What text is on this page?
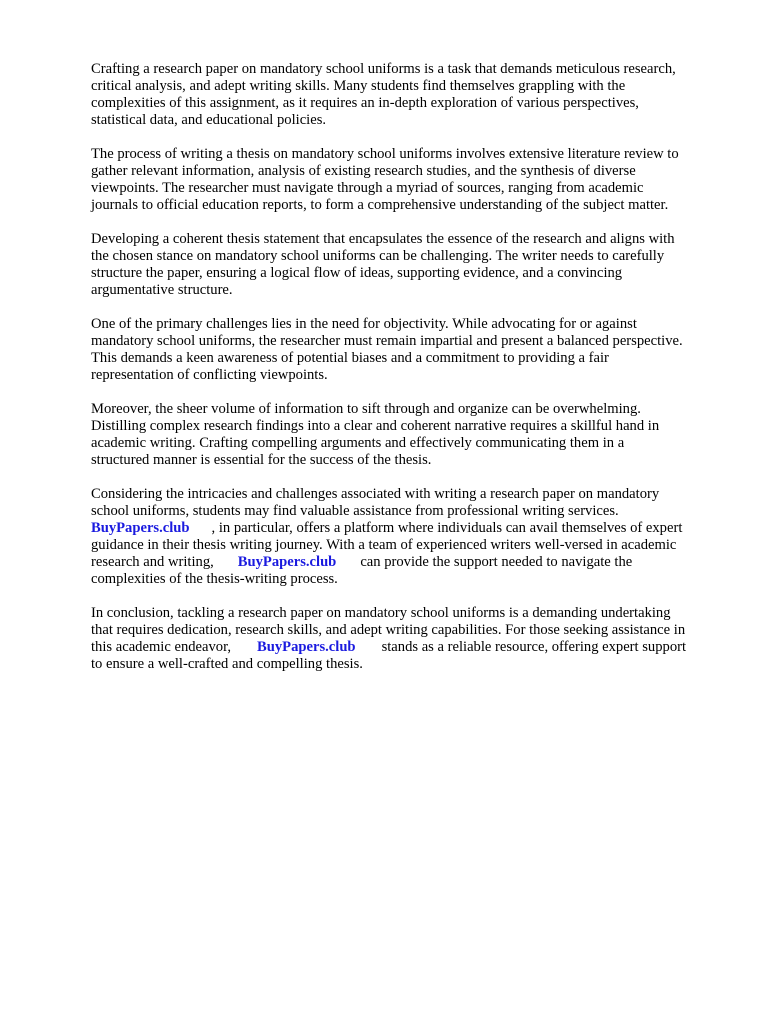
Crafting a research paper on mandatory school uniforms is a task that demands meticulous research,
critical analysis, and adept writing skills. Many students find themselves grappling with the
complexities of this assignment, as it requires an in-depth exploration of various perspectives,
statistical data, and educational policies.

The process of writing a thesis on mandatory school uniforms involves extensive literature review to
gather relevant information, analysis of existing research studies, and the synthesis of diverse
viewpoints. The researcher must navigate through a myriad of sources, ranging from academic
journals to official education reports, to form a comprehensive understanding of the subject matter.

Developing a coherent thesis statement that encapsulates the essence of the research and aligns with
the chosen stance on mandatory school uniforms can be challenging. The writer needs to carefully
structure the paper, ensuring a logical flow of ideas, supporting evidence, and a convincing
argumentative structure.

One of the primary challenges lies in the need for objectivity. While advocating for or against
mandatory school uniforms, the researcher must remain impartial and present a balanced perspective.
This demands a keen awareness of potential biases and a commitment to providing a fair
representation of conflicting viewpoints.

Moreover, the sheer volume of information to sift through and organize can be overwhelming.
Distilling complex research findings into a clear and coherent narrative requires a skillful hand in
academic writing. Crafting compelling arguments and effectively communicating them in a
structured manner is essential for the success of the thesis.

Considering the intricacies and challenges associated with writing a research paper on mandatory
school uniforms, students may find valuable assistance from professional writing services.
BuyPapers.club , in particular, offers a platform where individuals can avail themselves of expert
guidance in their thesis writing journey. With a team of experienced writers well-versed in academic
research and writing, BuyPapers.club can provide the support needed to navigate the
complexities of the thesis-writing process.

In conclusion, tackling a research paper on mandatory school uniforms is a demanding undertaking
that requires dedication, research skills, and adept writing capabilities. For those seeking assistance in
this academic endeavor, BuyPapers.club stands as a reliable resource, offering expert support
to ensure a well-crafted and compelling thesis.
